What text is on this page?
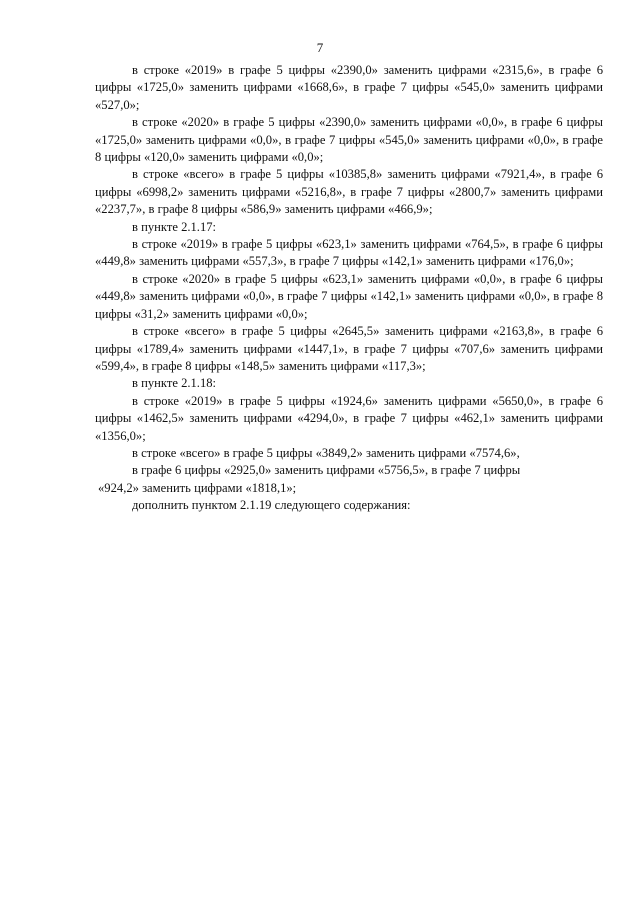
7

в строке «2019» в графе 5 цифры «2390,0» заменить цифрами «2315,6», в графе 6 цифры «1725,0» заменить цифрами «1668,6», в графе 7 цифры «545,0» заменить цифрами «527,0»;

в строке «2020» в графе 5 цифры «2390,0» заменить цифрами «0,0», в графе 6 цифры «1725,0» заменить цифрами «0,0», в графе 7 цифры «545,0» заменить цифрами «0,0», в графе 8 цифры «120,0» заменить цифрами «0,0»;

в строке «всего» в графе 5 цифры «10385,8» заменить цифрами «7921,4», в графе 6 цифры «6998,2» заменить цифрами «5216,8», в графе 7 цифры «2800,7» заменить цифрами «2237,7», в графе 8 цифры «586,9» заменить цифрами «466,9»;

в пункте 2.1.17:

в строке «2019» в графе 5 цифры «623,1» заменить цифрами «764,5», в графе 6 цифры «449,8» заменить цифрами «557,3», в графе 7 цифры «142,1» заменить цифрами «176,0»;

в строке «2020» в графе 5 цифры «623,1» заменить цифрами «0,0», в графе 6 цифры «449,8» заменить цифрами «0,0», в графе 7 цифры «142,1» заменить цифрами «0,0», в графе 8 цифры «31,2» заменить цифрами «0,0»;

в строке «всего» в графе 5 цифры «2645,5» заменить цифрами «2163,8», в графе 6 цифры «1789,4» заменить цифрами «1447,1», в графе 7 цифры «707,6» заменить цифрами «599,4», в графе 8 цифры «148,5» заменить цифрами «117,3»;

в пункте 2.1.18:

в строке «2019» в графе 5 цифры «1924,6» заменить цифрами «5650,0», в графе 6 цифры «1462,5» заменить цифрами «4294,0», в графе 7 цифры «462,1» заменить цифрами «1356,0»;

в строке «всего» в графе 5 цифры «3849,2» заменить цифрами «7574,6»,
в графе 6 цифры «2925,0» заменить цифрами «5756,5», в графе 7 цифры
«924,2» заменить цифрами «1818,1»;

дополнить пунктом 2.1.19 следующего содержания:
